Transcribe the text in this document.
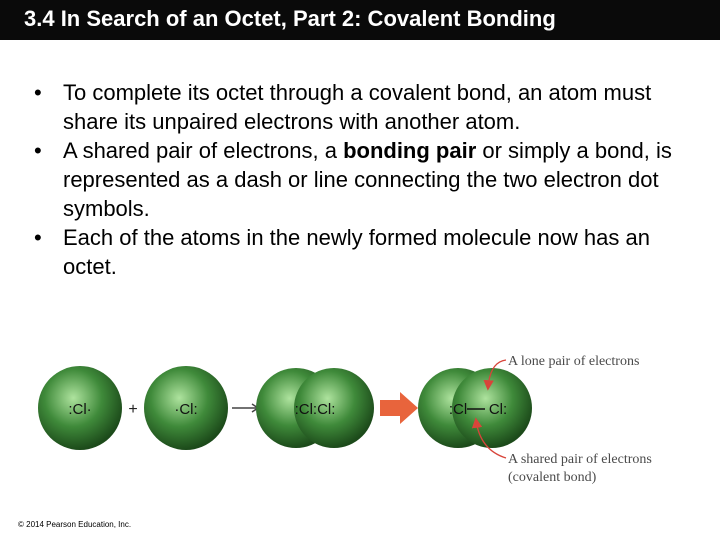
3.4 In Search of an Octet, Part 2: Covalent Bonding
• To complete its octet through a covalent bond, an atom must share its unpaired electrons with another atom.
• A shared pair of electrons, a bonding pair or simply a bond, is represented as a dash or line connecting the two electron dot symbols.
• Each of the atoms in the newly formed molecule now has an octet.
:Cl·	·Cl:
+	:Cl:Cl:	:Cl Cl:
A lone pair of electrons
A shared pair of electrons
(covalent bond)
© 2014 Pearson Education, Inc.
